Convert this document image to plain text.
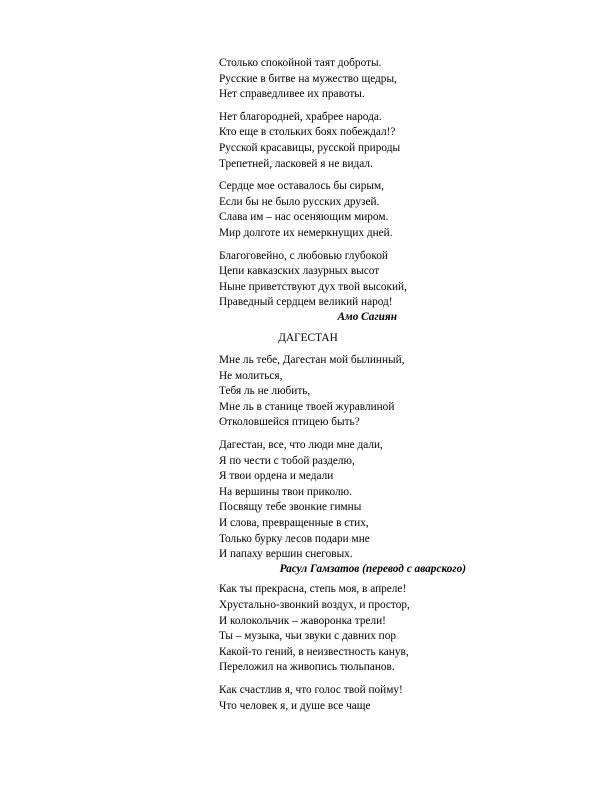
Столько спокойной таят доброты.
Русские в битве на мужество щедры,
Нет справедливее их правоты.
Нет благородней, храбрее народа.
Кто еще в стольких боях побеждал!?
Русской красавицы, русской природы
Трепетней, ласковей я не видал.
Сердце мое оставалось бы сирым,
Если бы не было русских друзей.
Слава им – нас осеняющим миром.
Мир долготе их немеркнущих дней.
Благоговейно, с любовью глубокой
Цепи кавказских лазурных высот
Ныне приветствуют дух твой высокий,
Праведный сердцем великий народ!
Амо Сагиян
ДАГЕСТАН
Мне ль тебе, Дагестан мой былинный,
Не молиться,
Тебя ль не любить,
Мне ль в станице твоей журавлиной
Отколовшейся птицею быть?
Дагестан, все, что люди мне дали,
Я по чести с тобой разделю,
Я твои ордена и медали
На вершины твои приколю.
Посвящу тебе звонкие гимны
И слова, превращенные в стих,
Только бурку лесов подари мне
И папаху вершин снеговых.
Расул Гамзатов (перевод с аварского)
Как ты прекрасна, степь моя, в апреле!
Хрустально-звонкий воздух, и простор,
И колокольчик – жаворонка трели!
Ты – музыка, чьи звуки с давних пор
Какой-то гений, в неизвестность канув,
Переложил на живопись тюльпанов.
Как счастлив я, что голос твой пойму!
Что человек я, и душе все чаще
